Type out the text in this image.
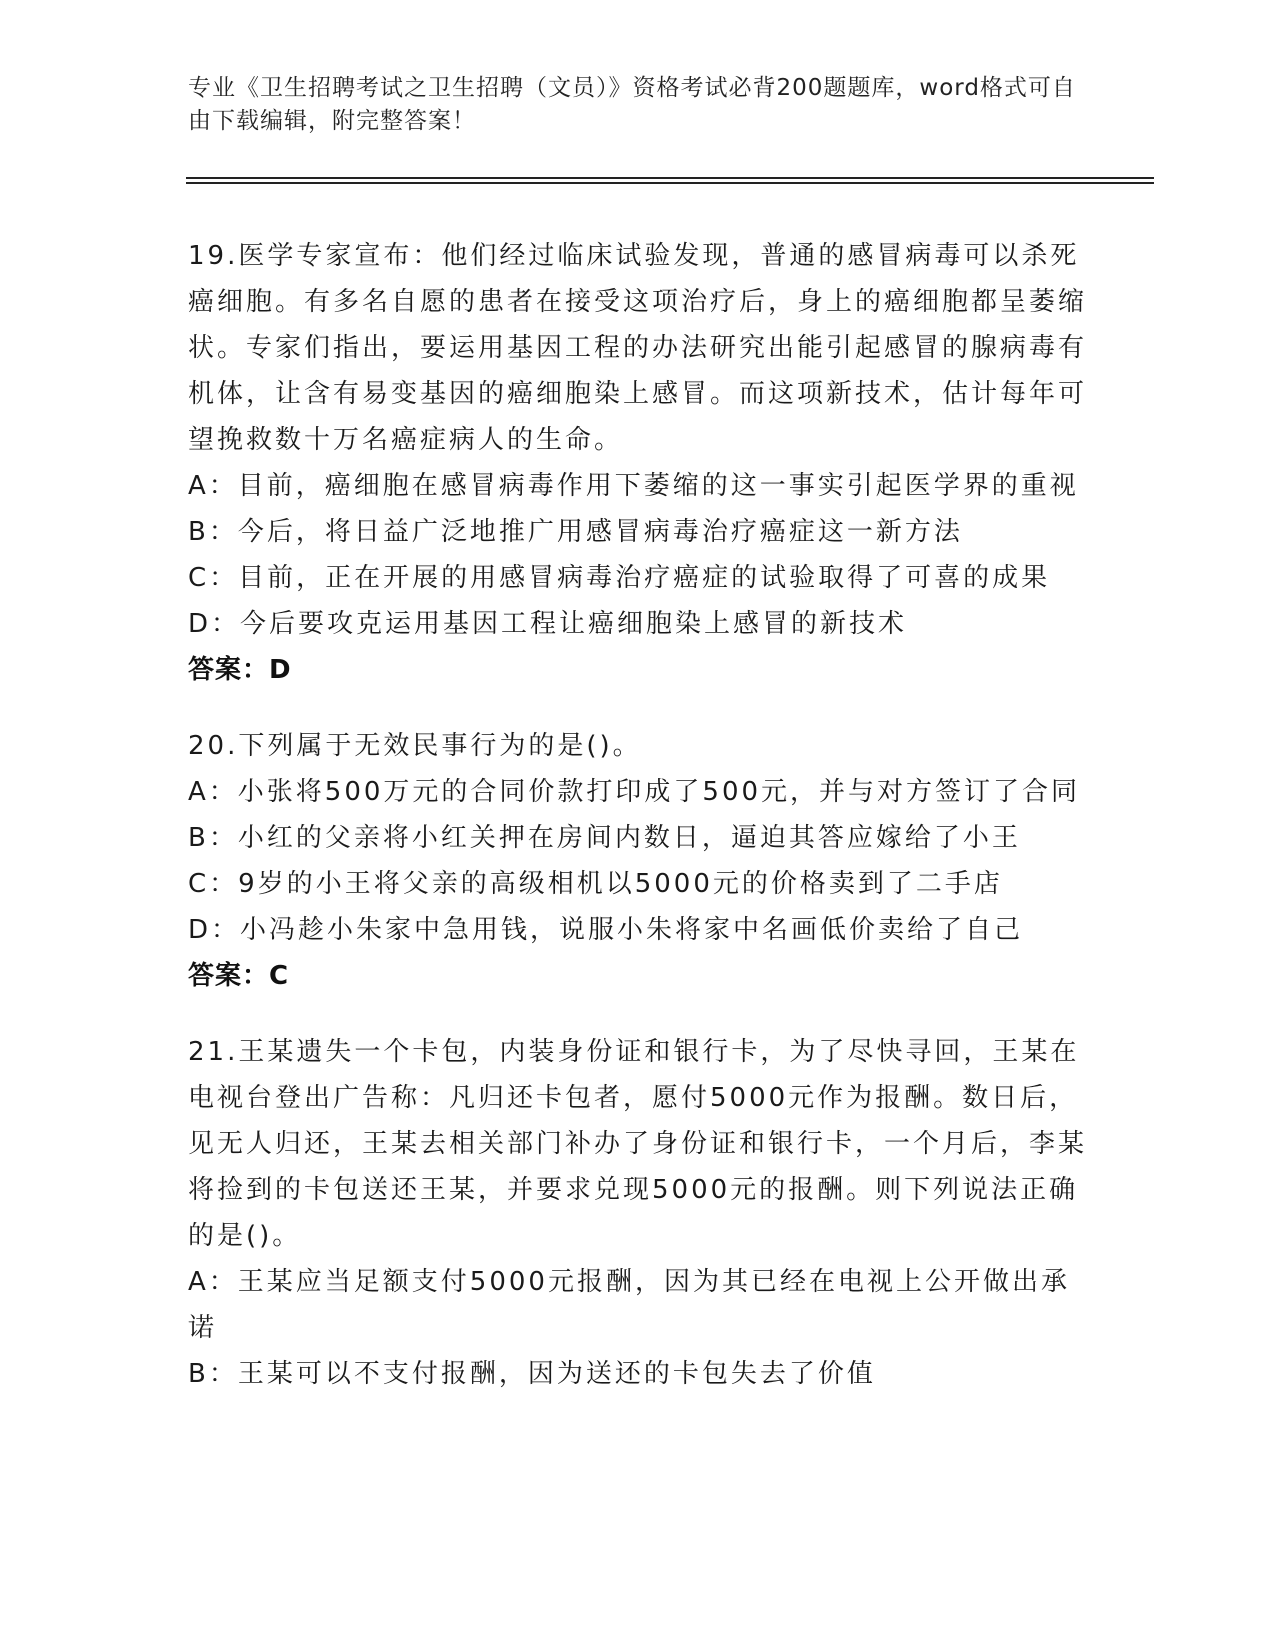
专业《卫生招聘考试之卫生招聘（文员）》资格考试必背200题题库，word格式可自由下载编辑，附完整答案！
19.医学专家宣布：他们经过临床试验发现，普通的感冒病毒可以杀死癌细胞。有多名自愿的患者在接受这项治疗后，身上的癌细胞都呈萎缩状。专家们指出，要运用基因工程的办法研究出能引起感冒的腺病毒有机体，让含有易变基因的癌细胞染上感冒。而这项新技术，估计每年可望挽救数十万名癌症病人的生命。
A：目前，癌细胞在感冒病毒作用下萎缩的这一事实引起医学界的重视
B：今后，将日益广泛地推广用感冒病毒治疗癌症这一新方法
C：目前，正在开展的用感冒病毒治疗癌症的试验取得了可喜的成果
D：今后要攻克运用基因工程让癌细胞染上感冒的新技术
答案：D
20.下列属于无效民事行为的是()。
A：小张将500万元的合同价款打印成了500元，并与对方签订了合同
B：小红的父亲将小红关押在房间内数日，逼迫其答应嫁给了小王
C：9岁的小王将父亲的高级相机以5000元的价格卖到了二手店
D：小冯趁小朱家中急用钱，说服小朱将家中名画低价卖给了自己
答案：C
21.王某遗失一个卡包，内装身份证和银行卡，为了尽快寻回，王某在电视台登出广告称：凡归还卡包者，愿付5000元作为报酬。数日后，见无人归还，王某去相关部门补办了身份证和银行卡，一个月后，李某将捡到的卡包送还王某，并要求兑现5000元的报酬。则下列说法正确的是()。
A：王某应当足额支付5000元报酬，因为其已经在电视上公开做出承诺
B：王某可以不支付报酬，因为送还的卡包失去了价值
